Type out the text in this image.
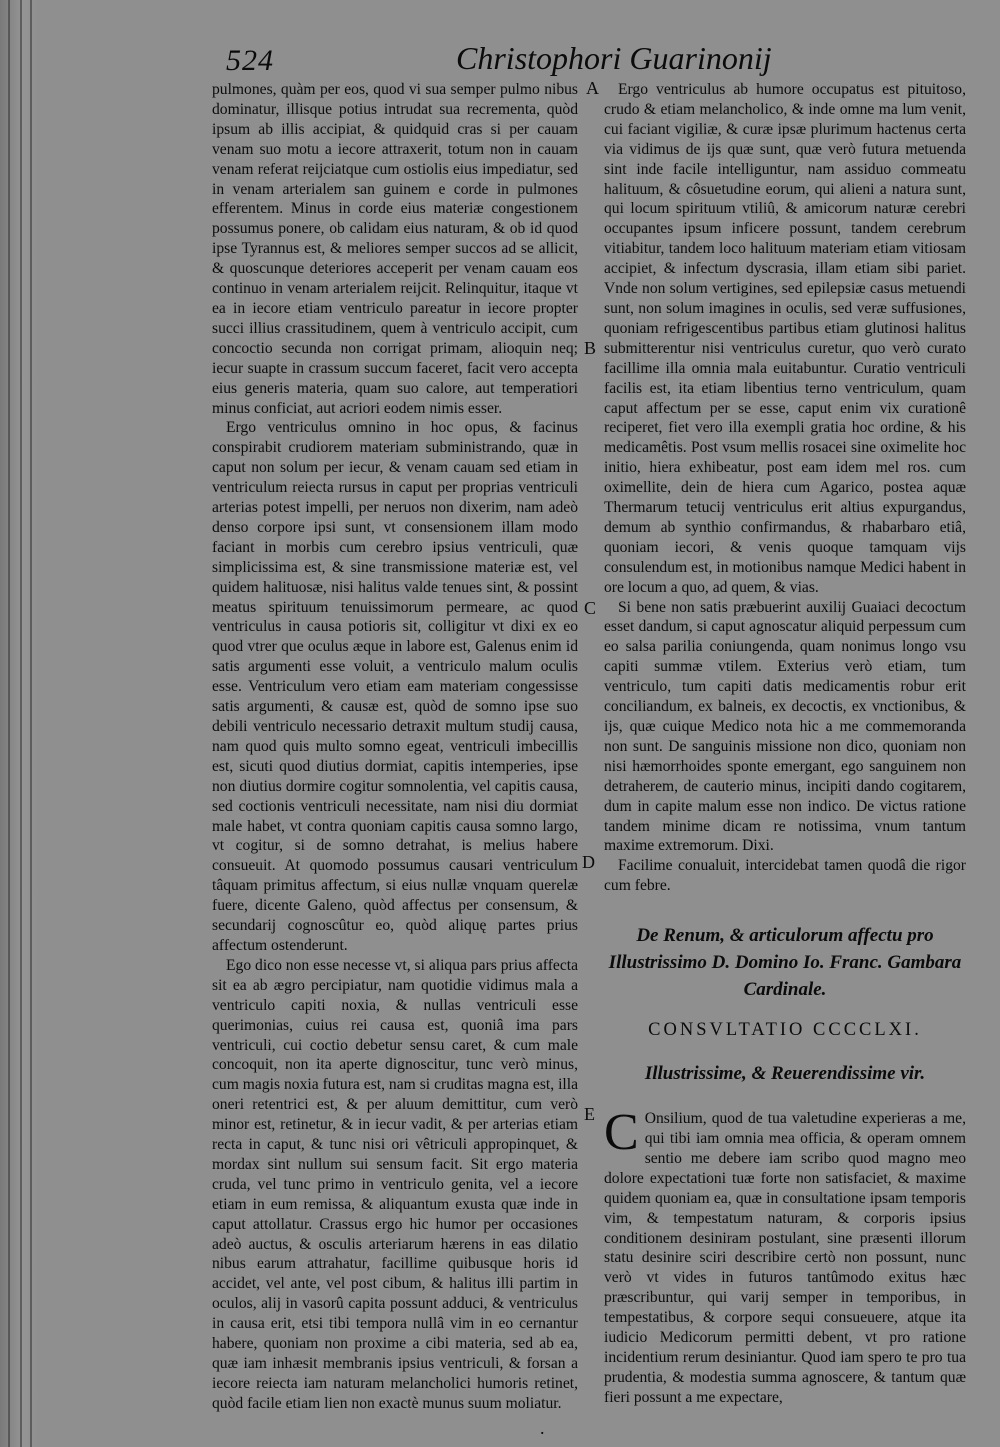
524	Christophori Guarinonij
A
B
C
D
E

pulmones, quàm per eos, quod vi sua semper pulmo nibus dominatur, illisque potius intrudat sua recrementa, quòd ipsum ab illis accipiat, & quidquid cras si per cauam venam suo motu a iecore attraxerit, totum non in cauam venam referat reijciatque cum ostiolis eius impediatur, sed in venam arterialem san guinem e corde in pulmones efferentem. Minus in corde eius materiæ congestionem possumus ponere, ob calidam eius naturam, & ob id quod ipse Tyrannus est, & meliores semper succos ad se allicit, & quoscunque deteriores acceperit per venam cauam eos continuo in venam arterialem reijcit. Relinquitur, itaque vt ea in iecore etiam ventriculo pareatur in iecore propter succi illius crassitudinem, quem à ventriculo accipit, cum concoctio secunda non corrigat primam, alioquin neq; iecur suapte in crassum succum faceret, facit vero accepta eius generis materia, quam suo calore, aut temperatiori minus conficiat, aut acriori eodem nimis esser.

Ergo ventriculus omnino in hoc opus, & facinus conspirabit crudiorem materiam subministrando, quæ in caput non solum per iecur, & venam cauam sed etiam in ventriculum reiecta rursus in caput per proprias ventriculi arterias potest impelli, per neruos non dixerim, nam adeò denso corpore ipsi sunt, vt consensionem illam modo faciant in morbis cum cerebro ipsius ventriculi, quæ simplicissima est, & sine transmissione materiæ est, vel quidem halituosæ, nisi halitus valde tenues sint, & possint meatus spirituum tenuissimorum permeare, ac quod ventriculus in causa potioris sit, colligitur vt dixi ex eo quod vtrer que oculus æque in labore est, Galenus enim id satis argumenti esse voluit, a ventriculo malum oculis esse. Ventriculum vero etiam eam materiam congessisse satis argumenti, & causæ est, quòd de somno ipse suo debili ventriculo necessario detraxit multum studij causa, nam quod quis multo somno egeat, ventriculi imbecillis est, sicuti quod diutius dormiat, capitis intemperies, ipse non diutius dormire cogitur somnolentia, vel capitis causa, sed coctionis ventriculi necessitate, nam nisi diu dormiat male habet, vt contra quoniam capitis causa somno largo, vt cogitur, si de somno detrahat, is melius habere consueuit. At quomodo possumus causari ventriculum tâquam primitus affectum, si eius nullæ vnquam querelæ fuere, dicente Galeno, quòd affectus per consensum, & secundarij cognoscûtur eo, quòd aliquę partes prius affectum ostenderunt.

Ego dico non esse necesse vt, si aliqua pars prius affecta sit ea ab ægro percipiatur, nam quotidie vidimus mala a ventriculo capiti noxia, & nullas ventriculi esse querimonias, cuius rei causa est, quoniâ ima pars ventriculi, cui coctio debetur sensu caret, & cum male concoquit, non ita aperte dignoscitur, tunc verò minus, cum magis noxia futura est, nam si cruditas magna est, illa oneri retentrici est, & per aluum demittitur, cum verò minor est, retinetur, & in iecur vadit, & per arterias etiam recta in caput, & tunc nisi ori vêtriculi appropinquet, & mordax sint nullum sui sensum facit. Sit ergo materia cruda, vel tunc primo in ventriculo genita, vel a iecore etiam in eum remissa, & aliquantum exusta quæ inde in caput attollatur. Crassus ergo hic humor per occasiones adeò auctus, & osculis arteriarum hærens in eas dilatio nibus earum attrahatur, facillime quibusque horis id accidet, vel ante, vel post cibum, & halitus illi partim in oculos, alij in vasorû capita possunt adduci, & ventriculus in causa erit, etsi tibi tempora nullâ vim in eo cernantur habere, quoniam non proxime a cibi materia, sed ab ea, quæ iam inhæsit membranis ipsius ventriculi, & forsan a iecore reiecta iam naturam melancholici humoris retinet, quòd facile etiam lien non exactè munus suum moliatur.

Ergo ventriculus ab humore occupatus est pituitoso, crudo & etiam melancholico, & inde omne ma lum venit, cui faciant vigiliæ, & curæ ipsæ plurimum hactenus certa via vidimus de ijs quæ sunt, quæ verò futura metuenda sint inde facile intelliguntur, nam assiduo commeatu halituum, & côsuetudine eorum, qui alieni a natura sunt, qui locum spirituum vtiliû, & amicorum naturæ cerebri occupantes ipsum inficere possunt, tandem cerebrum vitiabitur, tandem loco halituum materiam etiam vitiosam accipiet, & infectum dyscrasia, illam etiam sibi pariet. Vnde non solum vertigines, sed epilepsiæ casus metuendi sunt, non solum imagines in oculis, sed veræ suffusiones, quoniam refrigescentibus partibus etiam glutinosi halitus submitterentur nisi ventriculus curetur, quo verò curato facillime illa omnia mala euitabuntur. Curatio ventriculi facilis est, ita etiam libentius terno ventriculum, quam caput affectum per se esse, caput enim vix curationê reciperet, fiet vero illa exempli gratia hoc ordine, & his medicamêtis. Post vsum mellis rosacei sine oximelite hoc initio, hiera exhibeatur, post eam idem mel ros. cum oximellite, dein de hiera cum Agarico, postea aquæ Thermarum tetucij ventriculus erit altius expurgandus, demum ab synthio confirmandus, & rhabarbaro etiâ, quoniam iecori, & venis quoque tamquam vijs consulendum est, in motionibus namque Medici habent in ore locum a quo, ad quem, & vias.

Si bene non satis præbuerint auxilij Guaiaci decoctum esset dandum, si caput agnoscatur aliquid perpessum cum eo salsa parilia coniungenda, quam nonimus longo vsu capiti summæ vtilem. Exterius verò etiam, tum ventriculo, tum capiti datis medicamentis robur erit conciliandum, ex balneis, ex decoctis, ex vnctionibus, & ijs, quæ cuique Medico nota hic a me commemoranda non sunt. De sanguinis missione non dico, quoniam non nisi hæmorrhoides sponte emergant, ego sanguinem non detraherem, de cauterio minus, incipiti dando cogitarem, dum in capite malum esse non indico. De victus ratione tandem minime dicam re notissima, vnum tantum maxime extremorum. Dixi.

Facilime conualuit, intercidebat tamen quodâ die rigor cum febre.

De Renum, & articulorum affectu pro Illustrissimo D. Domino Io. Franc. Gambara Cardinale.
CONSVLTATIO CCCCLXI.
Illustrissime, & Reuerendissime vir.

C Onsilium, quod de tua valetudine experieras a me, qui tibi iam omnia mea officia, & operam omnem sentio me debere iam scribo quod magno meo dolore expectationi tuæ forte non satisfaciet, & maxime quidem quoniam ea, quæ in consultatione ipsam temporis vim, & tempestatum naturam, & corporis ipsius conditionem desiniram postulant, sine præsenti illorum statu desinire sciri describire certò non possunt, nunc verò vt vides in futuros tantûmodo exitus hæc præscribuntur, qui varij semper in temporibus, in tempestatibus, & corpore sequi consueuere, atque ita iudicio Medicorum permitti debent, vt pro ratione incidentium rerum desiniantur. Quod iam spero te pro tua prudentia, & modestia summa agnoscere, & tantum quæ fieri possunt a me expectare,

.
